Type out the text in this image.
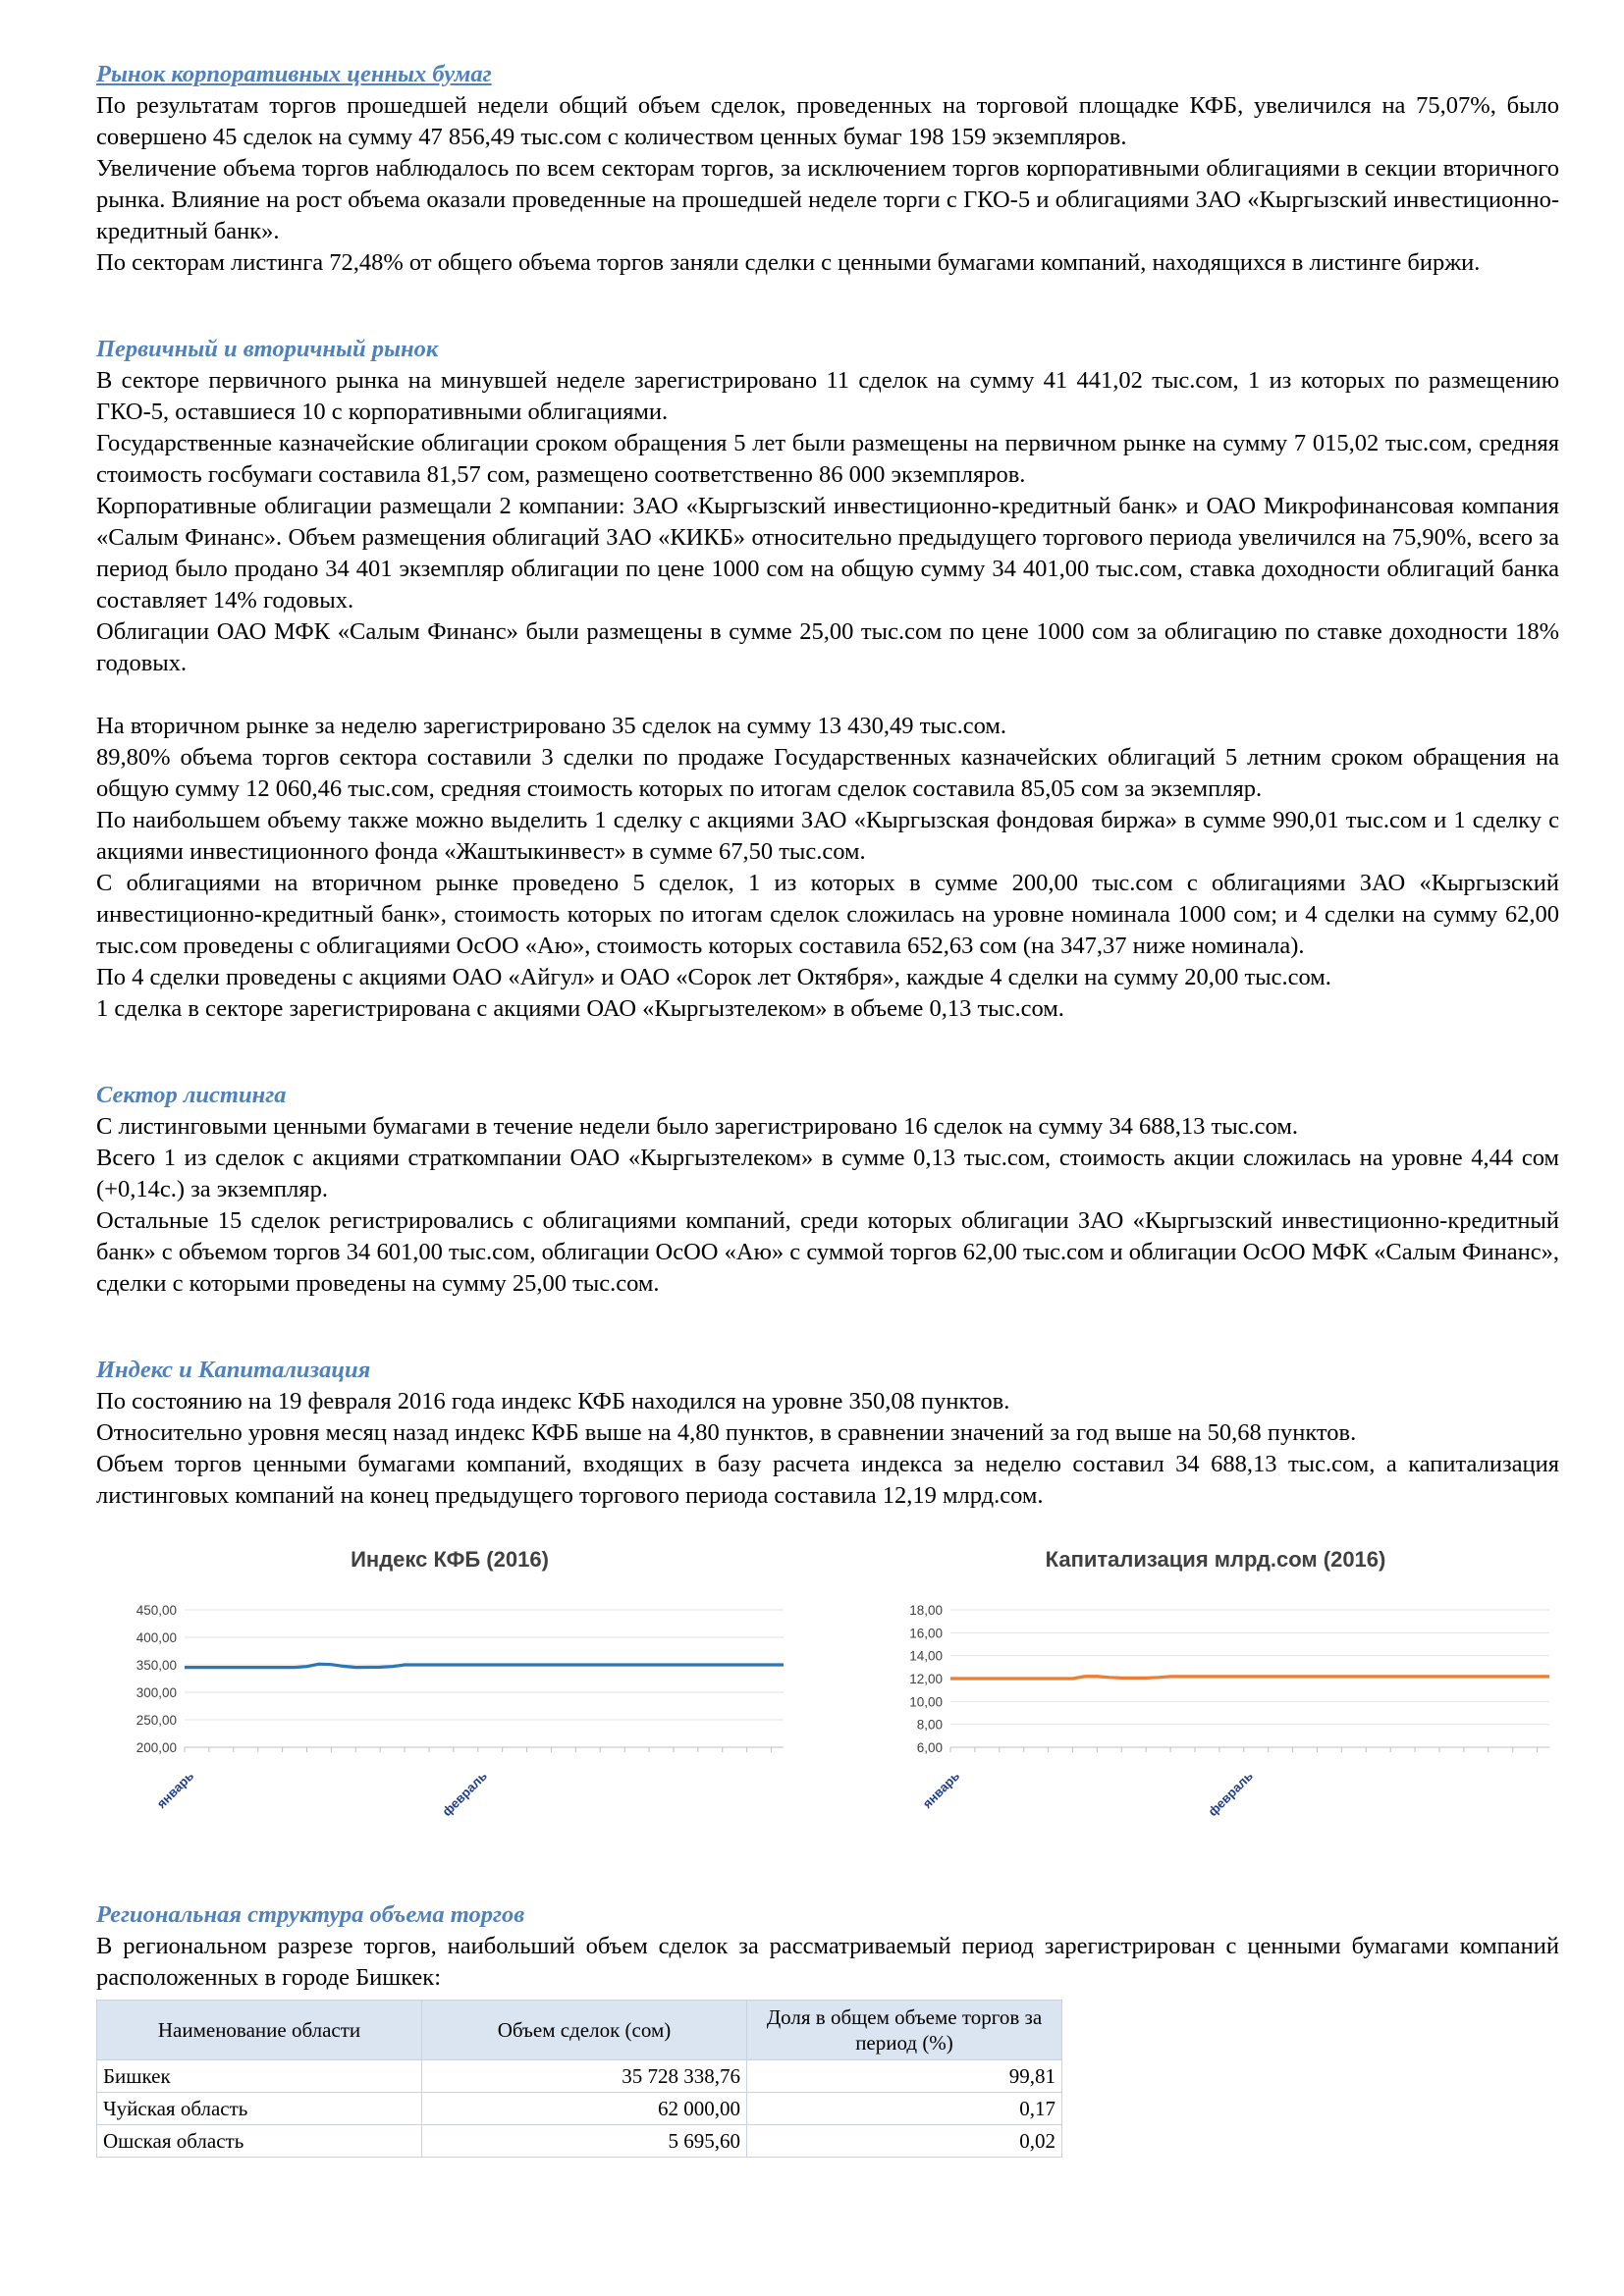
Рынок корпоративных ценных бумаг

По результатам торгов прошедшей недели общий объем сделок, проведенных на торговой площадке КФБ, увеличился на 75,07%, было совершено 45 сделок на сумму 47 856,49 тыс.сом с количеством ценных бумаг 198 159 экземпляров.

Увеличение объема торгов наблюдалось по всем секторам торгов, за исключением торгов корпоративными облигациями в секции вторичного рынка. Влияние на рост объема оказали проведенные на прошедшей неделе торги с ГКО-5 и облигациями ЗАО «Кыргызский инвестиционно-кредитный банк».

По секторам листинга 72,48% от общего объема торгов заняли сделки с ценными бумагами компаний, находящихся в листинге биржи.

Первичный и вторичный рынок

В секторе первичного рынка на минувшей неделе зарегистрировано 11 сделок на сумму 41 441,02 тыс.сом, 1 из которых по размещению ГКО-5, оставшиеся 10 с корпоративными облигациями.

Государственные казначейские облигации сроком обращения 5 лет были размещены на первичном рынке на сумму 7 015,02 тыс.сом, средняя стоимость госбумаги составила 81,57 сом, размещено соответственно 86 000 экземпляров.

Корпоративные облигации размещали 2 компании: ЗАО «Кыргызский инвестиционно-кредитный банк» и ОАО Микрофинансовая компания «Салым Финанс». Объем размещения облигаций ЗАО «КИКБ» относительно предыдущего торгового периода увеличился на 75,90%, всего за период было продано 34 401 экземпляр облигации по цене 1000 сом на общую сумму 34 401,00 тыс.сом, ставка доходности облигаций банка составляет 14% годовых.

Облигации ОАО МФК «Салым Финанс» были размещены в сумме 25,00 тыс.сом по цене 1000 сом за облигацию по ставке доходности 18% годовых.

На вторичном рынке за неделю зарегистрировано 35 сделок на сумму 13 430,49 тыс.сом.

89,80% объема торгов сектора составили 3 сделки по продаже Государственных казначейских облигаций 5 летним сроком обращения на общую сумму 12 060,46 тыс.сом, средняя стоимость которых по итогам сделок составила 85,05 сом за экземпляр.

По наибольшем объему также можно выделить 1 сделку с акциями ЗАО «Кыргызская фондовая биржа» в сумме 990,01 тыс.сом и 1 сделку с акциями инвестиционного фонда «Жаштыкинвест» в сумме 67,50 тыс.сом.

С облигациями на вторичном рынке проведено 5 сделок, 1 из которых в сумме 200,00 тыс.сом с облигациями ЗАО «Кыргызский инвестиционно-кредитный банк», стоимость которых по итогам сделок сложилась на уровне номинала 1000 сом; и 4 сделки на сумму 62,00 тыс.сом проведены с облигациями ОсОО «Аю», стоимость которых составила 652,63 сом (на 347,37 ниже номинала).

По 4 сделки проведены с акциями ОАО «Айгул» и ОАО «Сорок лет Октября», каждые 4 сделки на сумму 20,00 тыс.сом.

1 сделка в секторе зарегистрирована с акциями ОАО «Кыргызтелеком» в объеме 0,13 тыс.сом.

Сектор листинга

С листинговыми ценными бумагами в течение недели было зарегистрировано 16 сделок на сумму 34 688,13 тыс.сом.

Всего 1 из сделок с акциями страткомпании ОАО «Кыргызтелеком» в сумме 0,13 тыс.сом, стоимость акции сложилась на уровне 4,44 сом (+0,14с.) за экземпляр.

Остальные 15 сделок регистрировались с облигациями компаний, среди которых облигации ЗАО «Кыргызский инвестиционно-кредитный банк» с объемом торгов 34 601,00 тыс.сом, облигации ОсОО «Аю» с суммой торгов 62,00 тыс.сом и облигации ОсОО МФК «Салым Финанс», сделки с которыми проведены на сумму 25,00 тыс.сом.

Индекс и Капитализация

По состоянию на 19 февраля 2016 года индекс КФБ находился на уровне 350,08 пунктов.

Относительно уровня месяц назад индекс КФБ выше на 4,80 пунктов, в сравнении значений за год выше на 50,68 пунктов.

Объем торгов ценными бумагами компаний, входящих в базу расчета индекса за неделю составил 34 688,13 тыс.сом, а капитализация листинговых компаний на конец предыдущего торгового периода составила 12,19 млрд.сом.

Индекс КФБ (2016)
200,00
250,00
300,00
350,00
400,00
450,00
январь	февраль
Капитализация млрд.сом (2016)
6,00
8,00
10,00
12,00
14,00
16,00
18,00
январь	февраль
Региональная структура объема торгов

В региональном разрезе торгов, наибольший объем сделок за рассматриваемый период зарегистрирован с ценными бумагами компаний расположенных в городе Бишкек:

Наименование области	Объем сделок (сом)	Доля в общем объеме торгов за период (%)
Бишкек	35 728 338,76	99,81
Чуйская область	62 000,00	0,17
Ошская область	5 695,60	0,02
